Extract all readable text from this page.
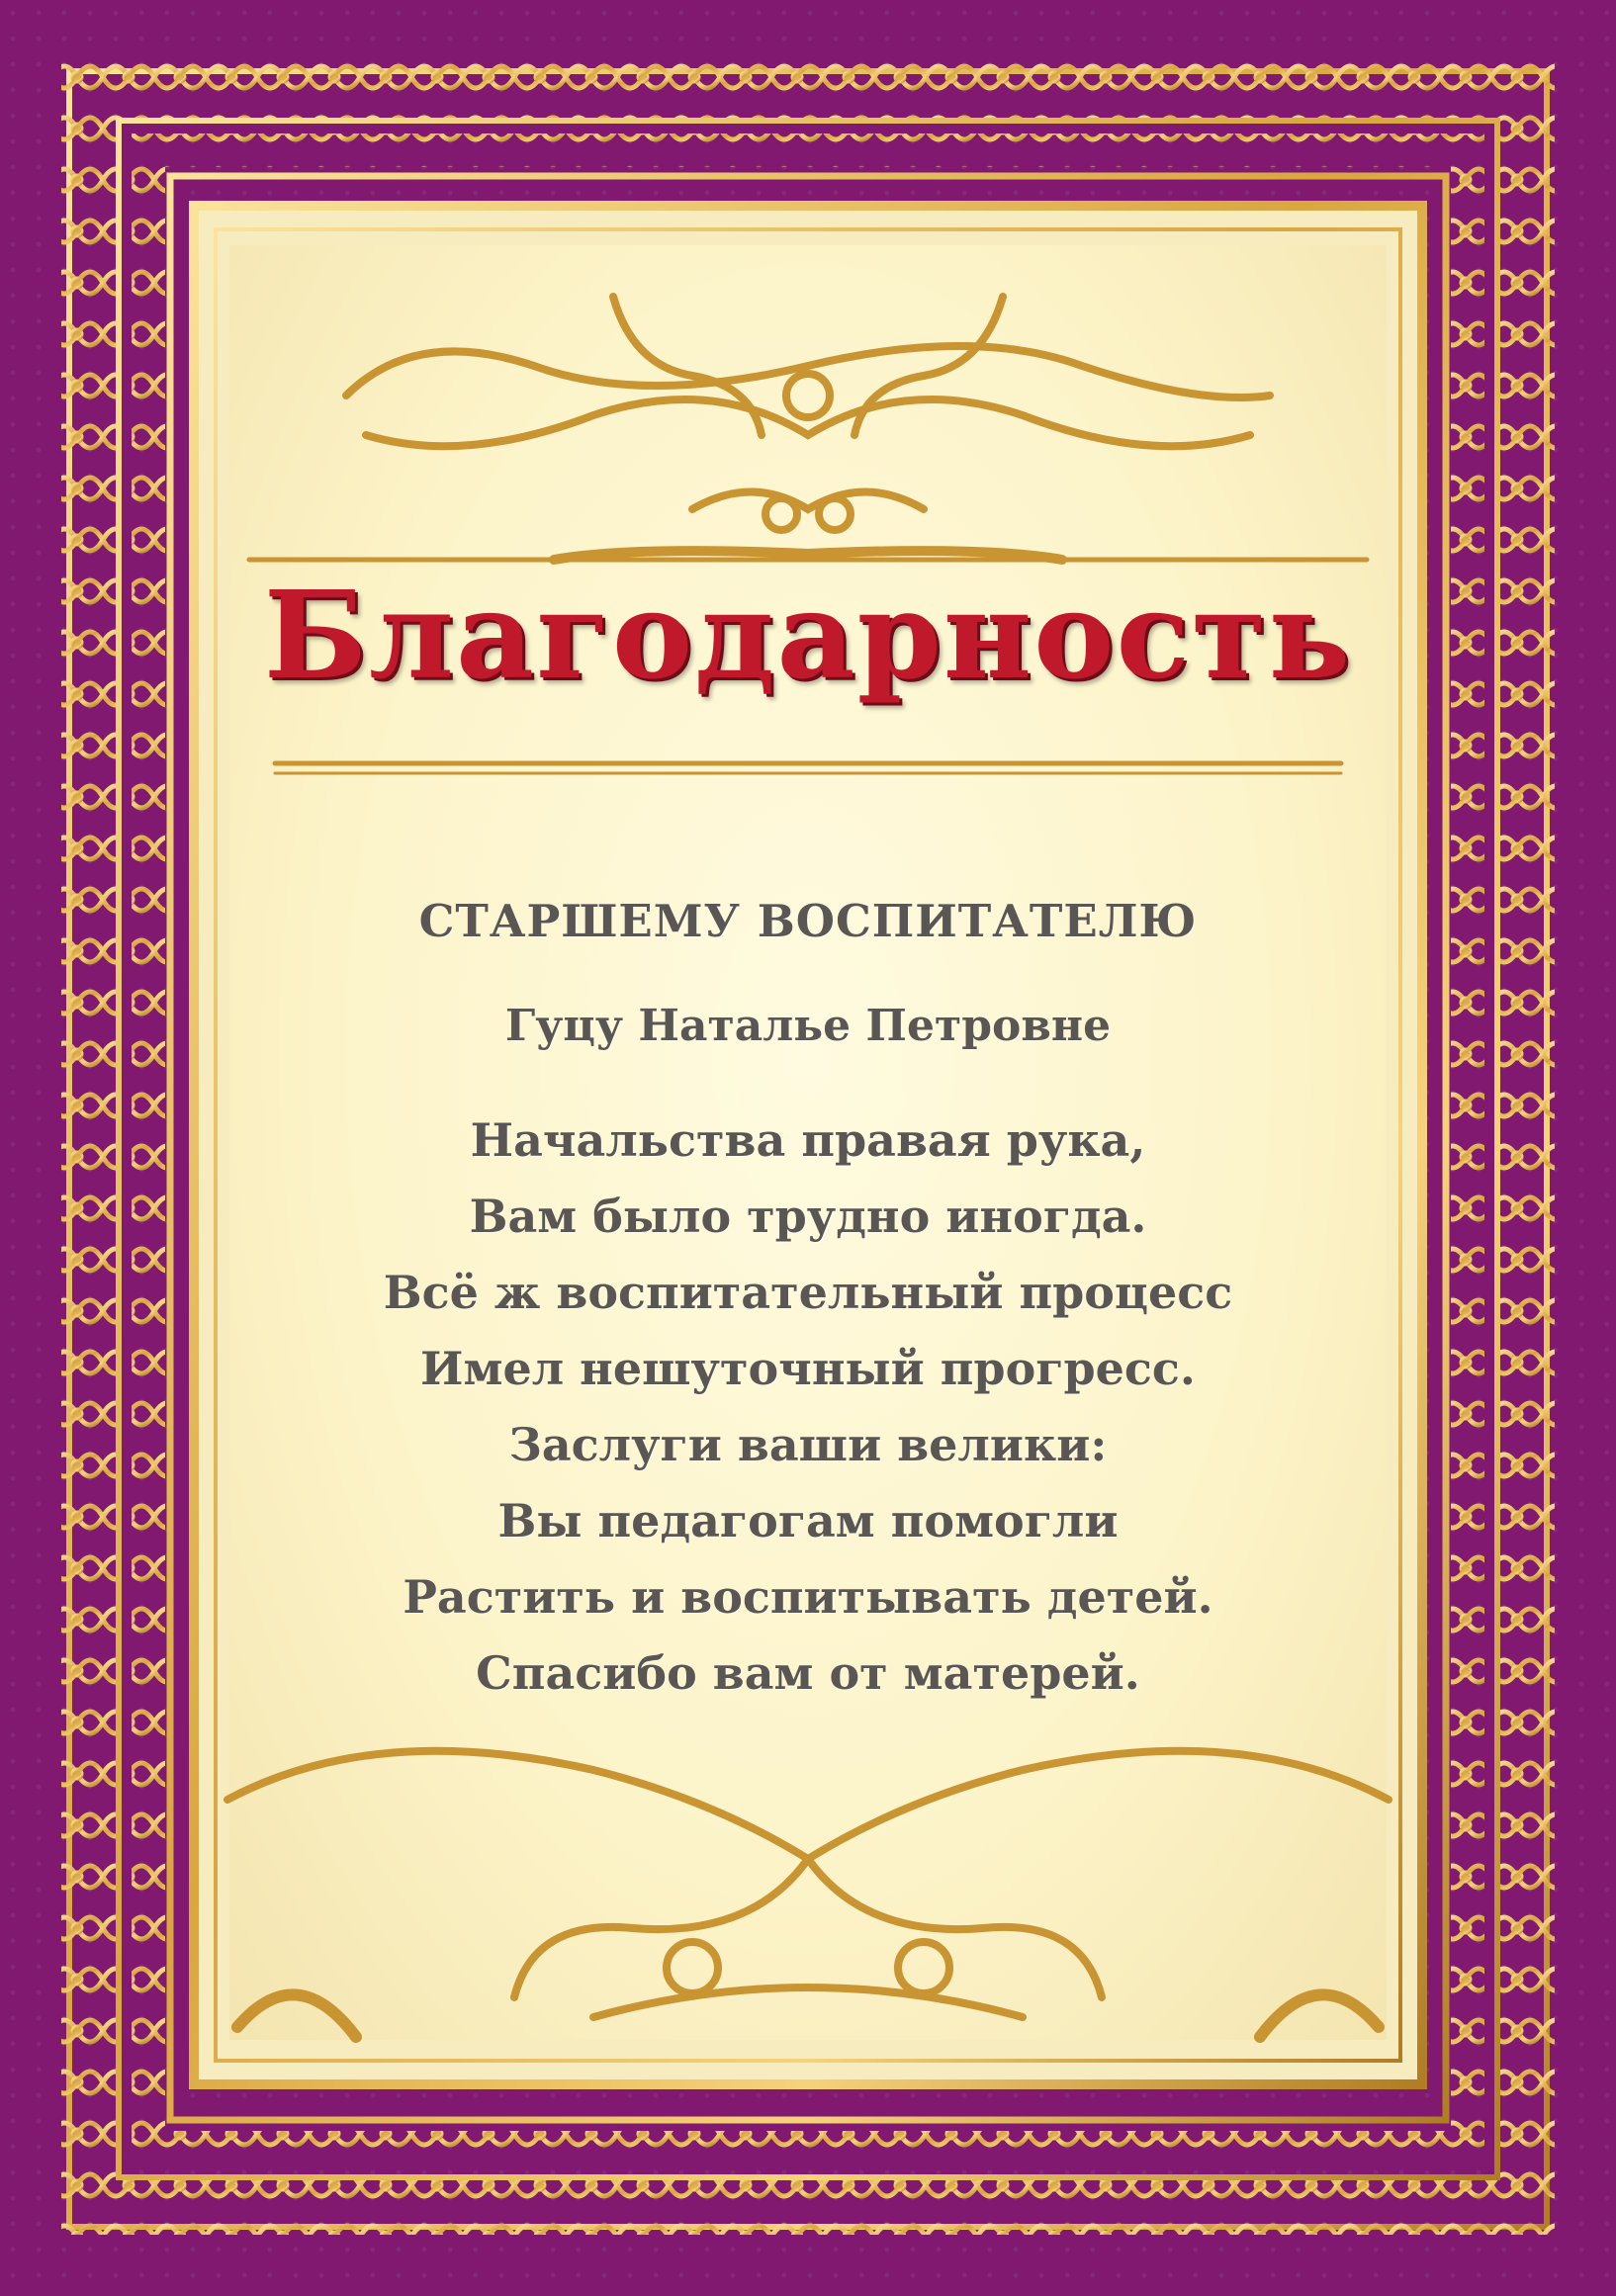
Благодарность
СТАРШЕМУ ВОСПИТАТЕЛЮ
Гуцу Наталье Петровне
Начальства правая рука,
Вам было трудно иногда.
Всё ж воспитательный процесс
Имел нешуточный прогресс.
Заслуги ваши велики:
Вы педагогам помогли
Растить и воспитывать детей.
Спасибо вам от матерей.
